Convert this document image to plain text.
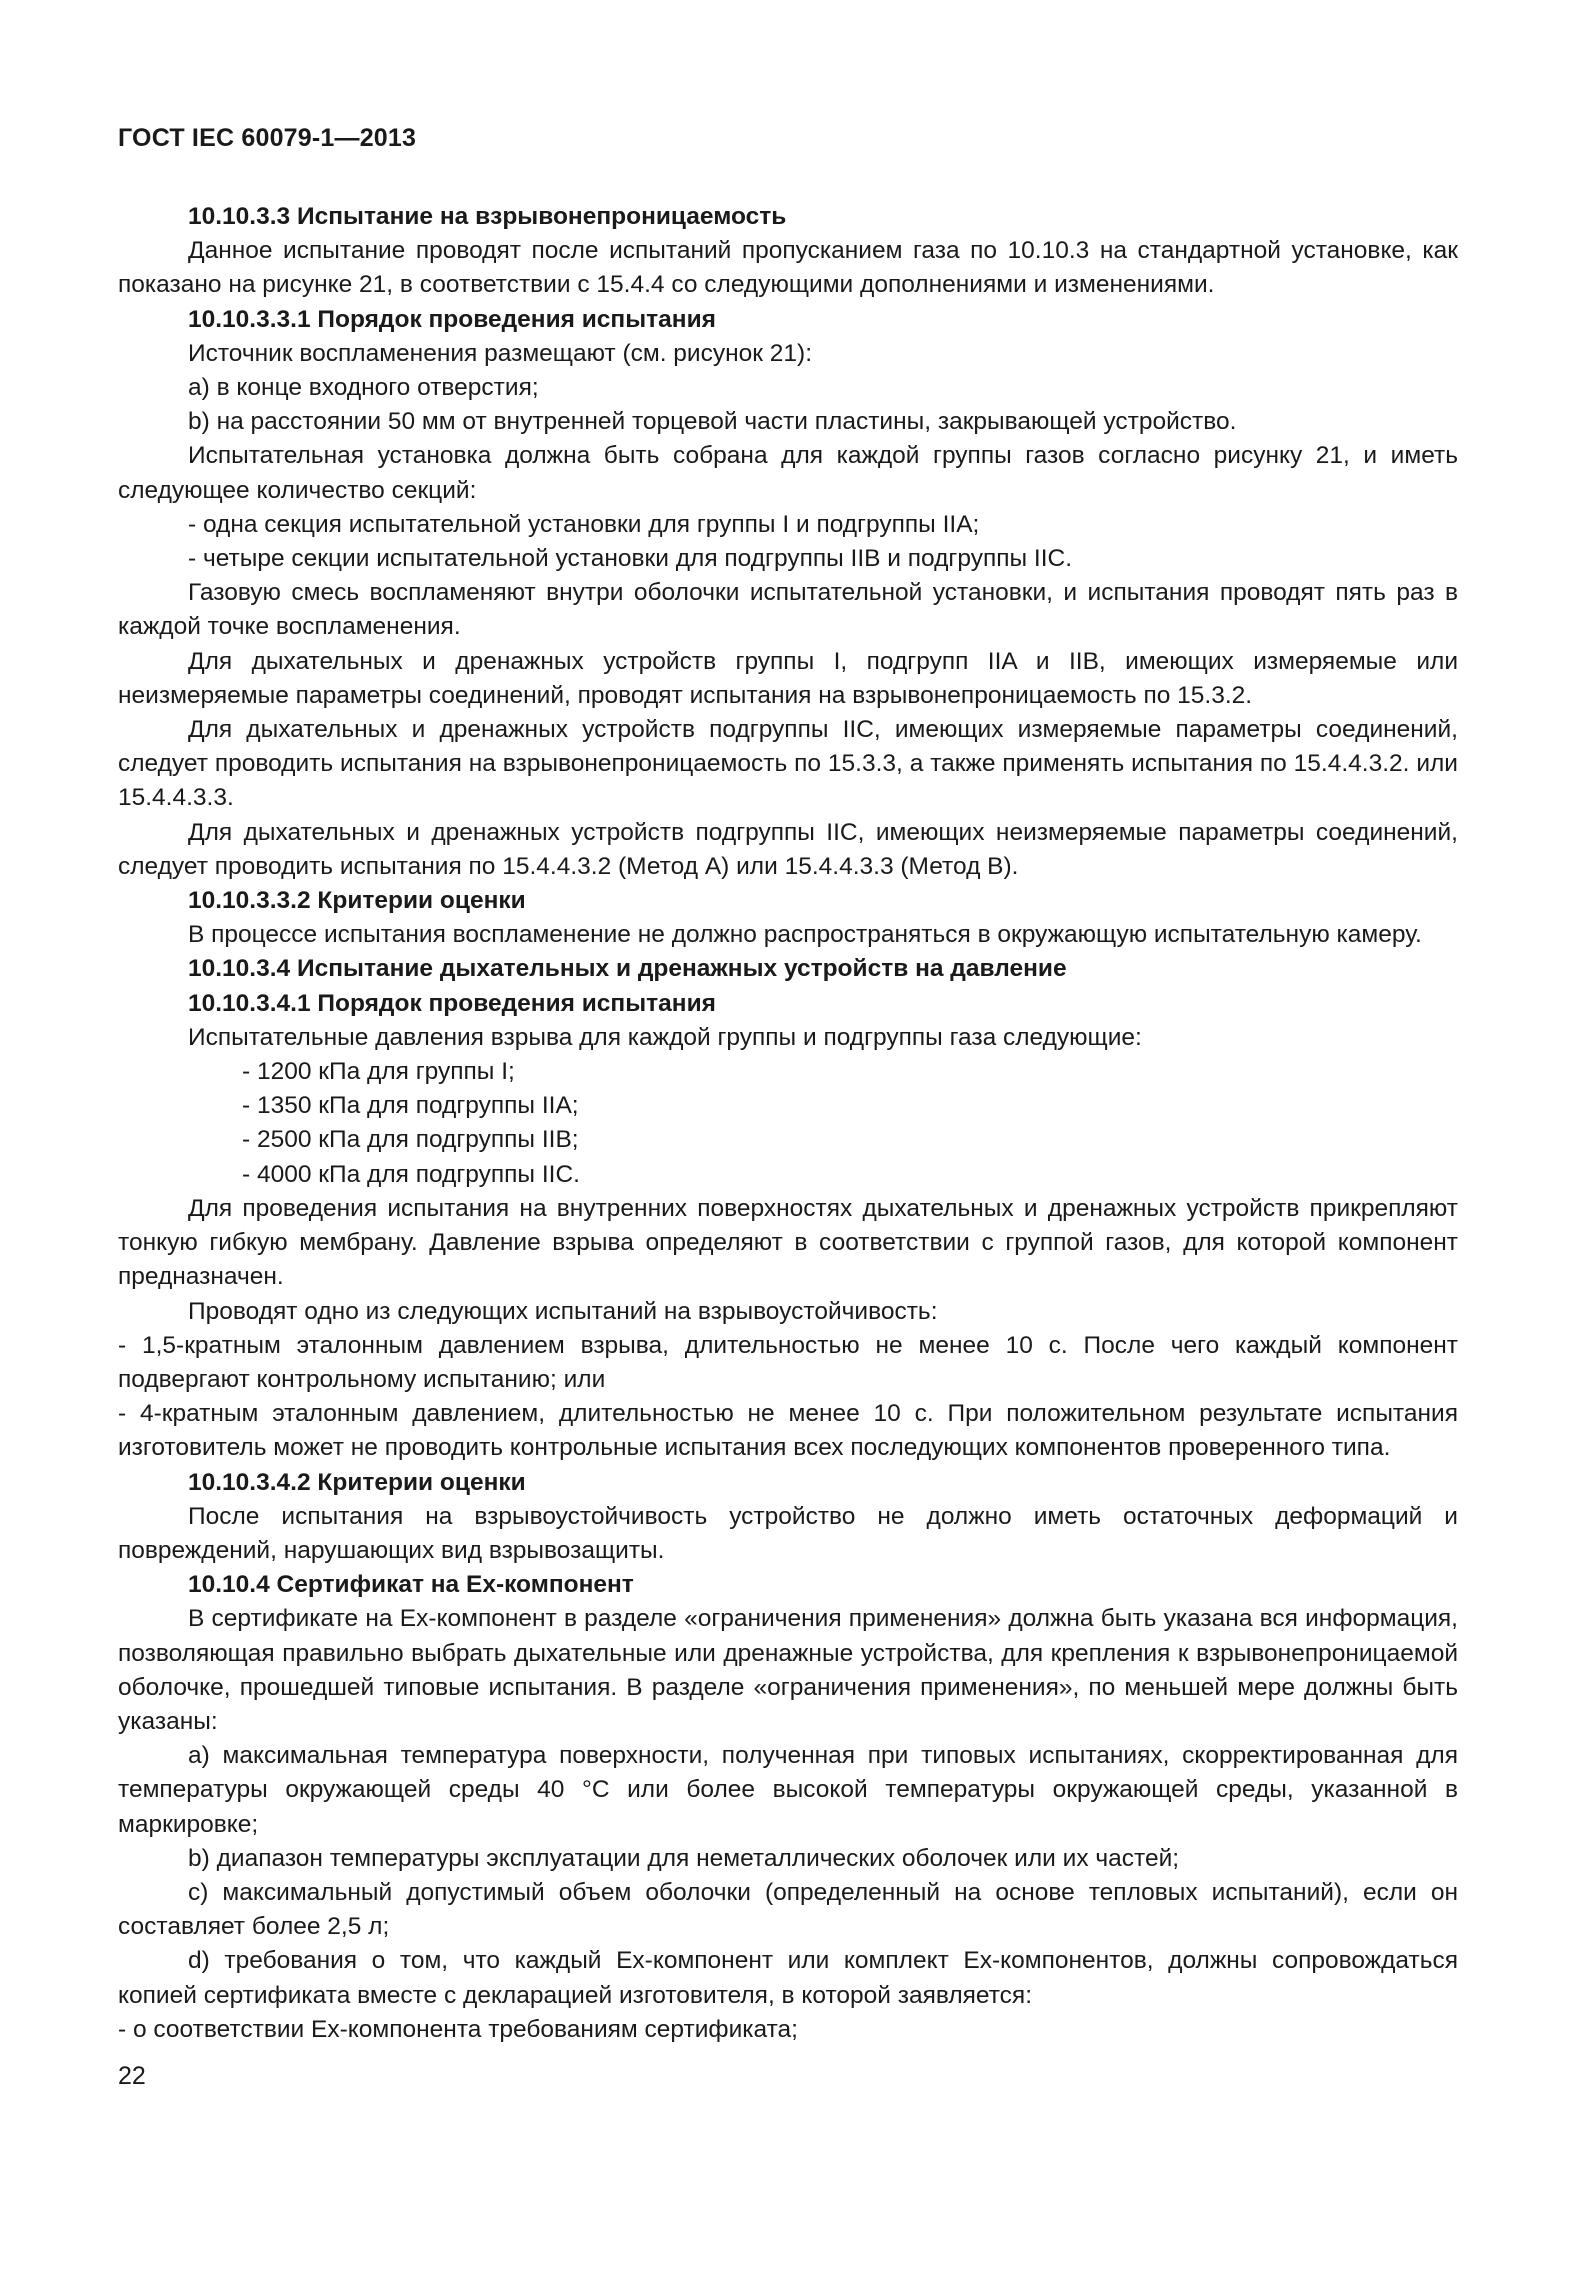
ГОСТ IEC 60079-1—2013

10.10.3.3 Испытание на взрывонепроницаемость

Данное испытание проводят после испытаний пропусканием газа по 10.10.3 на стандартной установке, как показано на рисунке 21, в соответствии с 15.4.4 со следующими дополнениями и изменениями.

10.10.3.3.1 Порядок проведения испытания

Источник воспламенения размещают (см. рисунок 21):

a) в конце входного отверстия;

b) на расстоянии 50 мм от внутренней торцевой части пластины, закрывающей устройство.

Испытательная установка должна быть собрана для каждой группы газов согласно рисунку 21, и иметь следующее количество секций:

- одна секция испытательной установки для группы I и подгруппы IIA;

- четыре секции испытательной установки для подгруппы IIB и подгруппы IIC.

Газовую смесь воспламеняют внутри оболочки испытательной установки, и испытания проводят пять раз в каждой точке воспламенения.

Для дыхательных и дренажных устройств группы I, подгрупп IIA и IIB, имеющих измеряемые или неизмеряемые параметры соединений, проводят испытания на взрывонепроницаемость по 15.3.2.

Для дыхательных и дренажных устройств подгруппы IIC, имеющих измеряемые параметры соединений, следует проводить испытания на взрывонепроницаемость по 15.3.3, а также применять испытания по 15.4.4.3.2. или 15.4.4.3.3.

Для дыхательных и дренажных устройств подгруппы IIC, имеющих неизмеряемые параметры соединений, следует проводить испытания по 15.4.4.3.2 (Метод А) или 15.4.4.3.3 (Метод В).

10.10.3.3.2 Критерии оценки

В процессе испытания воспламенение не должно распространяться в окружающую испытательную камеру.

10.10.3.4 Испытание дыхательных и дренажных устройств на давление

10.10.3.4.1 Порядок проведения испытания

Испытательные давления взрыва для каждой группы и подгруппы газа следующие:

- 1200 кПа для группы I;

- 1350 кПа для подгруппы IIA;

- 2500 кПа для подгруппы IIB;

- 4000 кПа для подгруппы IIC.

Для проведения испытания на внутренних поверхностях дыхательных и дренажных устройств прикрепляют тонкую гибкую мембрану. Давление взрыва определяют в соответствии с группой газов, для которой компонент предназначен.

Проводят одно из следующих испытаний на взрывоустойчивость:

- 1,5-кратным эталонным давлением взрыва, длительностью не менее 10 с. После чего каждый компонент подвергают контрольному испытанию; или

- 4-кратным эталонным давлением, длительностью не менее 10 с. При положительном результате испытания изготовитель может не проводить контрольные испытания всех последующих компонентов проверенного типа.

10.10.3.4.2 Критерии оценки

После испытания на взрывоустойчивость устройство не должно иметь остаточных деформаций и повреждений, нарушающих вид взрывозащиты.

10.10.4 Сертификат на Ex-компонент

В сертификате на Ex-компонент в разделе «ограничения применения» должна быть указана вся информация, позволяющая правильно выбрать дыхательные или дренажные устройства, для крепления к взрывонепроницаемой оболочке, прошедшей типовые испытания. В разделе «ограничения применения», по меньшей мере должны быть указаны:

a) максимальная температура поверхности, полученная при типовых испытаниях, скорректированная для температуры окружающей среды 40 °С или более высокой температуры окружающей среды, указанной в маркировке;

b) диапазон температуры эксплуатации для неметаллических оболочек или их частей;

c) максимальный допустимый объем оболочки (определенный на основе тепловых испытаний), если он составляет более 2,5 л;

d) требования о том, что каждый Ex-компонент или комплект Ex-компонентов, должны сопровождаться копией сертификата вместе с декларацией изготовителя, в которой заявляется:

- о соответствии Ex-компонента требованиям сертификата;

22
